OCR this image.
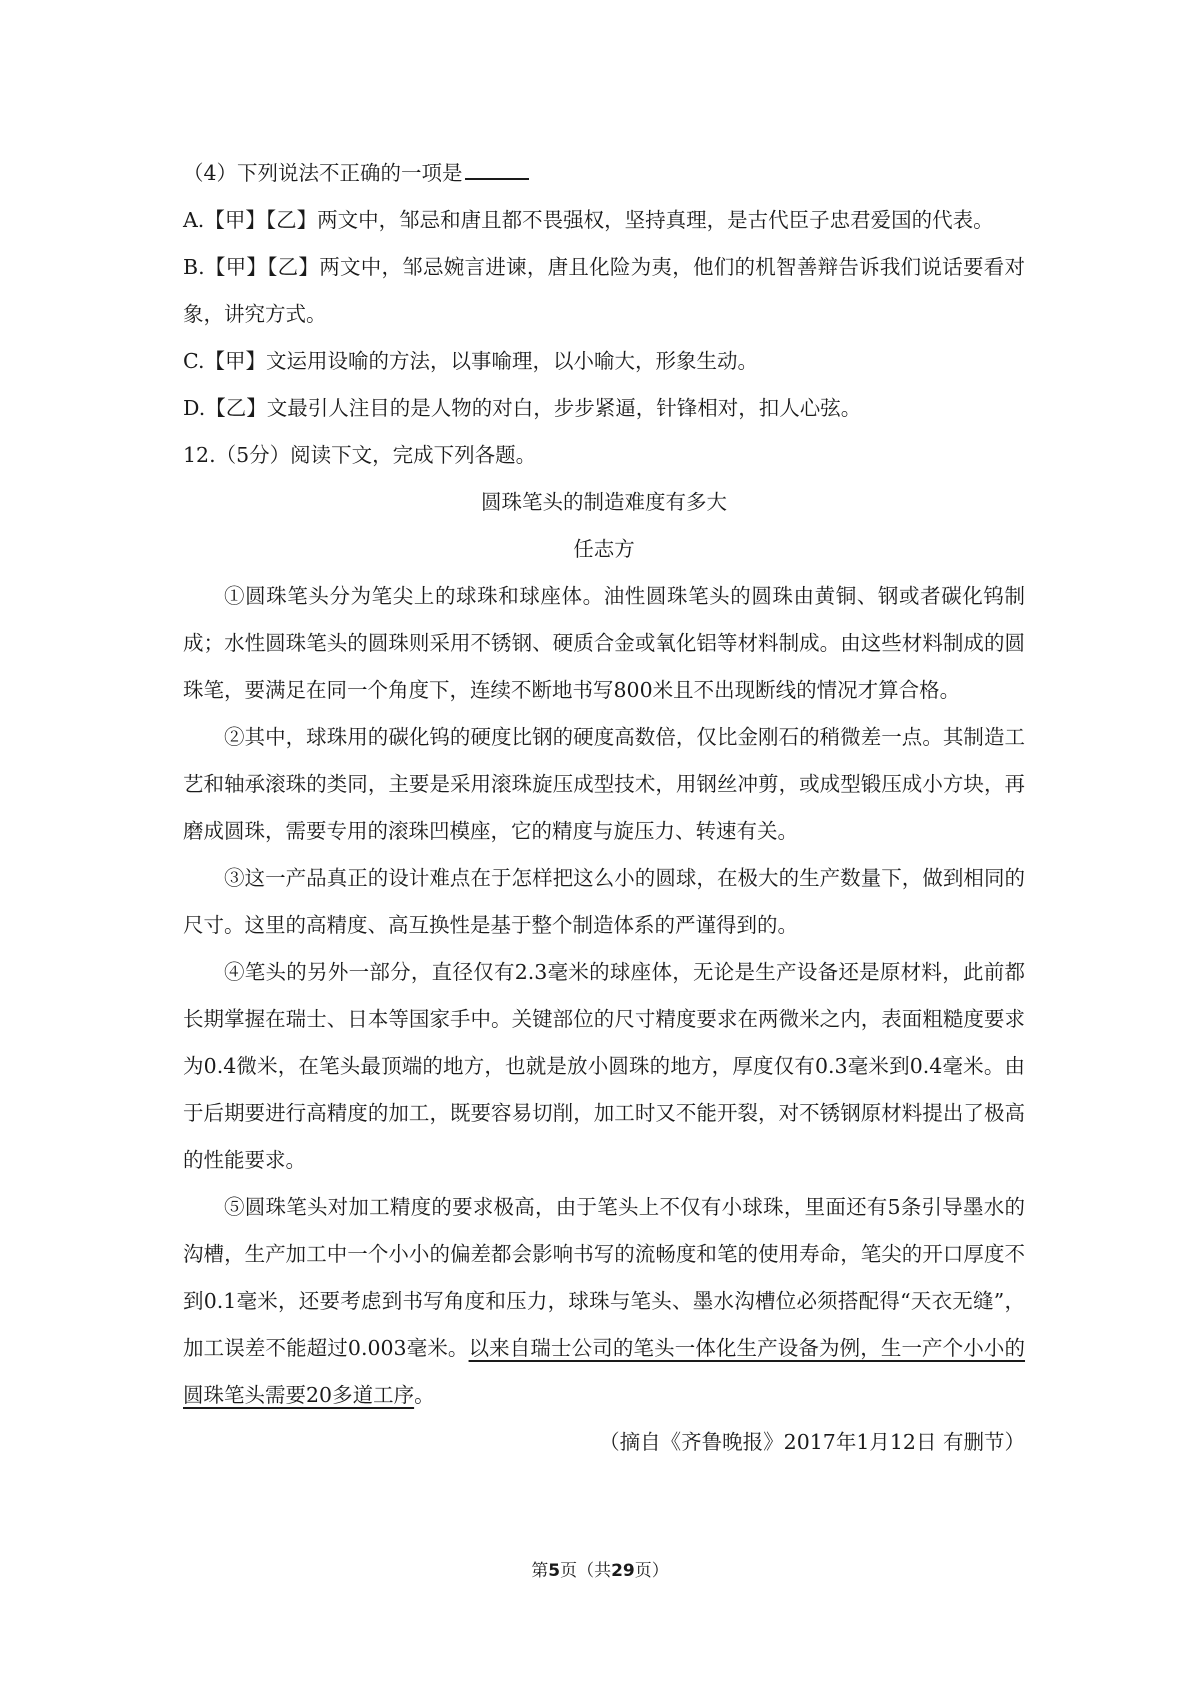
（4）下列说法不正确的一项是

A.【甲】【乙】两文中，邹忌和唐且都不畏强权，坚持真理，是古代臣子忠君爱国的代表。

B.【甲】【乙】两文中，邹忌婉言进谏，唐且化险为夷，他们的机智善辩告诉我们说话要看对象，讲究方式。

C.【甲】文运用设喻的方法，以事喻理，以小喻大，形象生动。

D.【乙】文最引人注目的是人物的对白，步步紧逼，针锋相对，扣人心弦。

12.（5分）阅读下文，完成下列各题。

圆珠笔头的制造难度有多大

任志方

①圆珠笔头分为笔尖上的球珠和球座体。油性圆珠笔头的圆珠由黄铜、钢或者碳化钨制成；水性圆珠笔头的圆珠则采用不锈钢、硬质合金或氧化铝等材料制成。由这些材料制成的圆珠笔，要满足在同一个角度下，连续不断地书写800米且不出现断线的情况才算合格。

②其中，球珠用的碳化钨的硬度比钢的硬度高数倍，仅比金刚石的稍微差一点。其制造工艺和轴承滚珠的类同，主要是采用滚珠旋压成型技术，用钢丝冲剪，或成型锻压成小方块，再磨成圆珠，需要专用的滚珠凹模座，它的精度与旋压力、转速有关。

③这一产品真正的设计难点在于怎样把这么小的圆球，在极大的生产数量下，做到相同的尺寸。这里的高精度、高互换性是基于整个制造体系的严谨得到的。

④笔头的另外一部分，直径仅有2.3毫米的球座体，无论是生产设备还是原材料，此前都长期掌握在瑞士、日本等国家手中。关键部位的尺寸精度要求在两微米之内，表面粗糙度要求为0.4微米，在笔头最顶端的地方，也就是放小圆珠的地方，厚度仅有0.3毫米到0.4毫米。由于后期要进行高精度的加工，既要容易切削，加工时又不能开裂，对不锈钢原材料提出了极高的性能要求。

⑤圆珠笔头对加工精度的要求极高，由于笔头上不仅有小球珠，里面还有5条引导墨水的沟槽，生产加工中一个小小的偏差都会影响书写的流畅度和笔的使用寿命，笔尖的开口厚度不到0.1毫米，还要考虑到书写角度和压力，球珠与笔头、墨水沟槽位必须搭配得“天衣无缝”，加工误差不能超过0.003毫米。以来自瑞士公司的笔头一体化生产设备为例，生一产个小小的圆珠笔头需要20多道工序。

（摘自《齐鲁晚报》2017年1月12日 有删节）

第5页（共29页）
